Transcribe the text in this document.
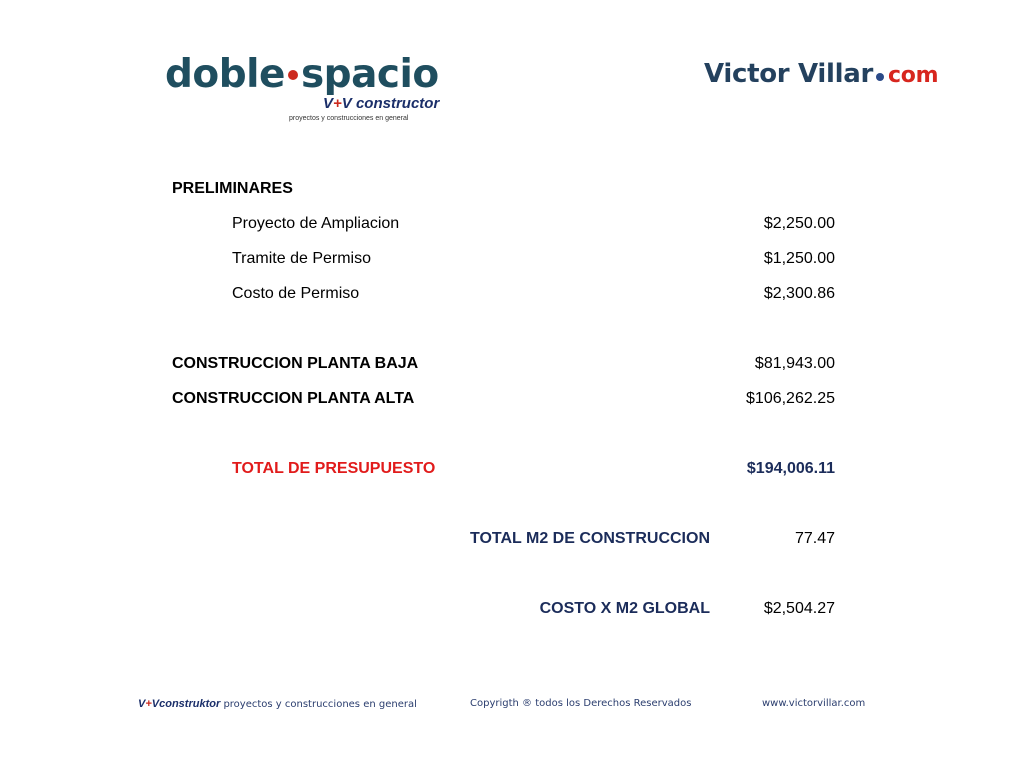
doble spacio
V+V constructor
proyectos y construcciones en general
Victor Villar com
PRELIMINARES
Proyecto de Ampliacion	$2,250.00
Tramite de Permiso	$1,250.00
Costo de Permiso	$2,300.86
CONSTRUCCION PLANTA BAJA	$81,943.00
CONSTRUCCION PLANTA ALTA	$106,262.25
TOTAL DE PRESUPUESTO	$194,006.11
TOTAL M2 DE CONSTRUCCION	77.47
COSTO X M2 GLOBAL	$2,504.27
V+Vconstruktor proyectos y construcciones en general	Copyrigth ® todos los Derechos Reservados	www.victorvillar.com
